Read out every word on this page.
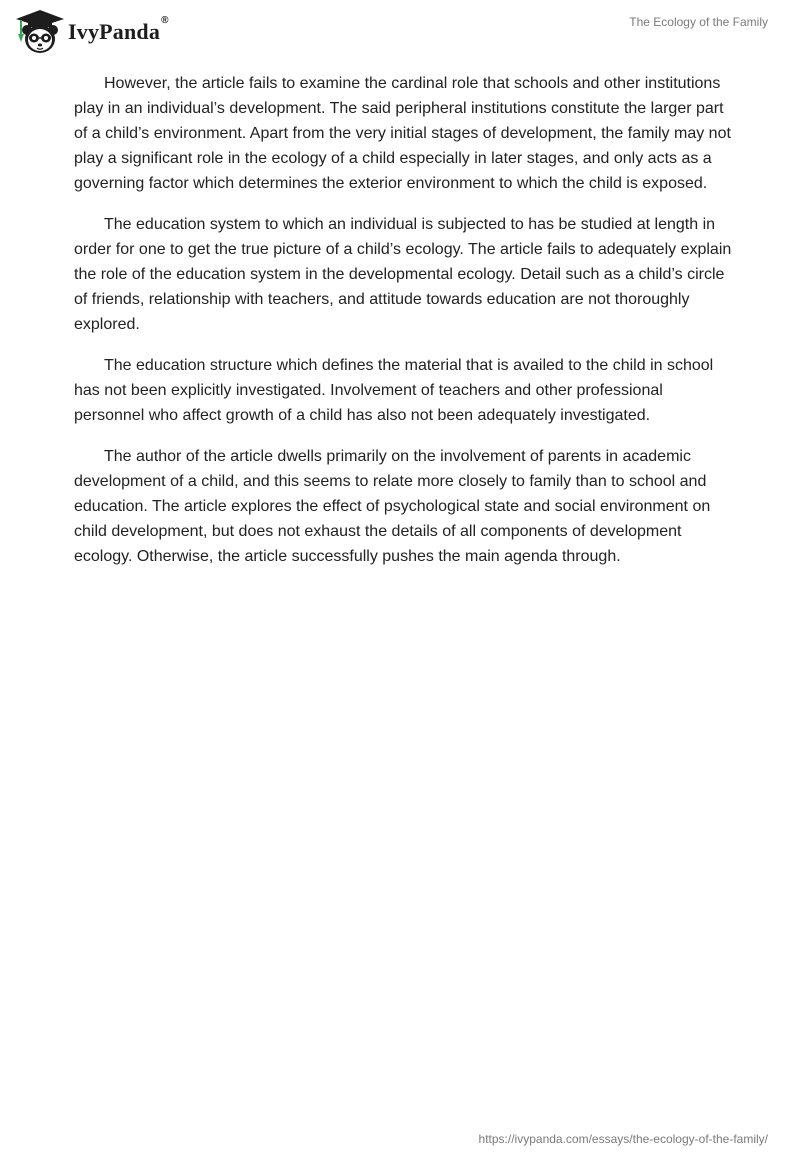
IvyPanda®	The Ecology of the Family

However, the article fails to examine the cardinal role that schools and other institutions play in an individual’s development. The said peripheral institutions constitute the larger part of a child’s environment. Apart from the very initial stages of development, the family may not play a significant role in the ecology of a child especially in later stages, and only acts as a governing factor which determines the exterior environment to which the child is exposed.

The education system to which an individual is subjected to has be studied at length in order for one to get the true picture of a child’s ecology. The article fails to adequately explain the role of the education system in the developmental ecology. Detail such as a child’s circle of friends, relationship with teachers, and attitude towards education are not thoroughly explored.

The education structure which defines the material that is availed to the child in school has not been explicitly investigated. Involvement of teachers and other professional personnel who affect growth of a child has also not been adequately investigated.

The author of the article dwells primarily on the involvement of parents in academic development of a child, and this seems to relate more closely to family than to school and education. The article explores the effect of psychological state and social environment on child development, but does not exhaust the details of all components of development ecology. Otherwise, the article successfully pushes the main agenda through.

https://ivypanda.com/essays/the-ecology-of-the-family/
